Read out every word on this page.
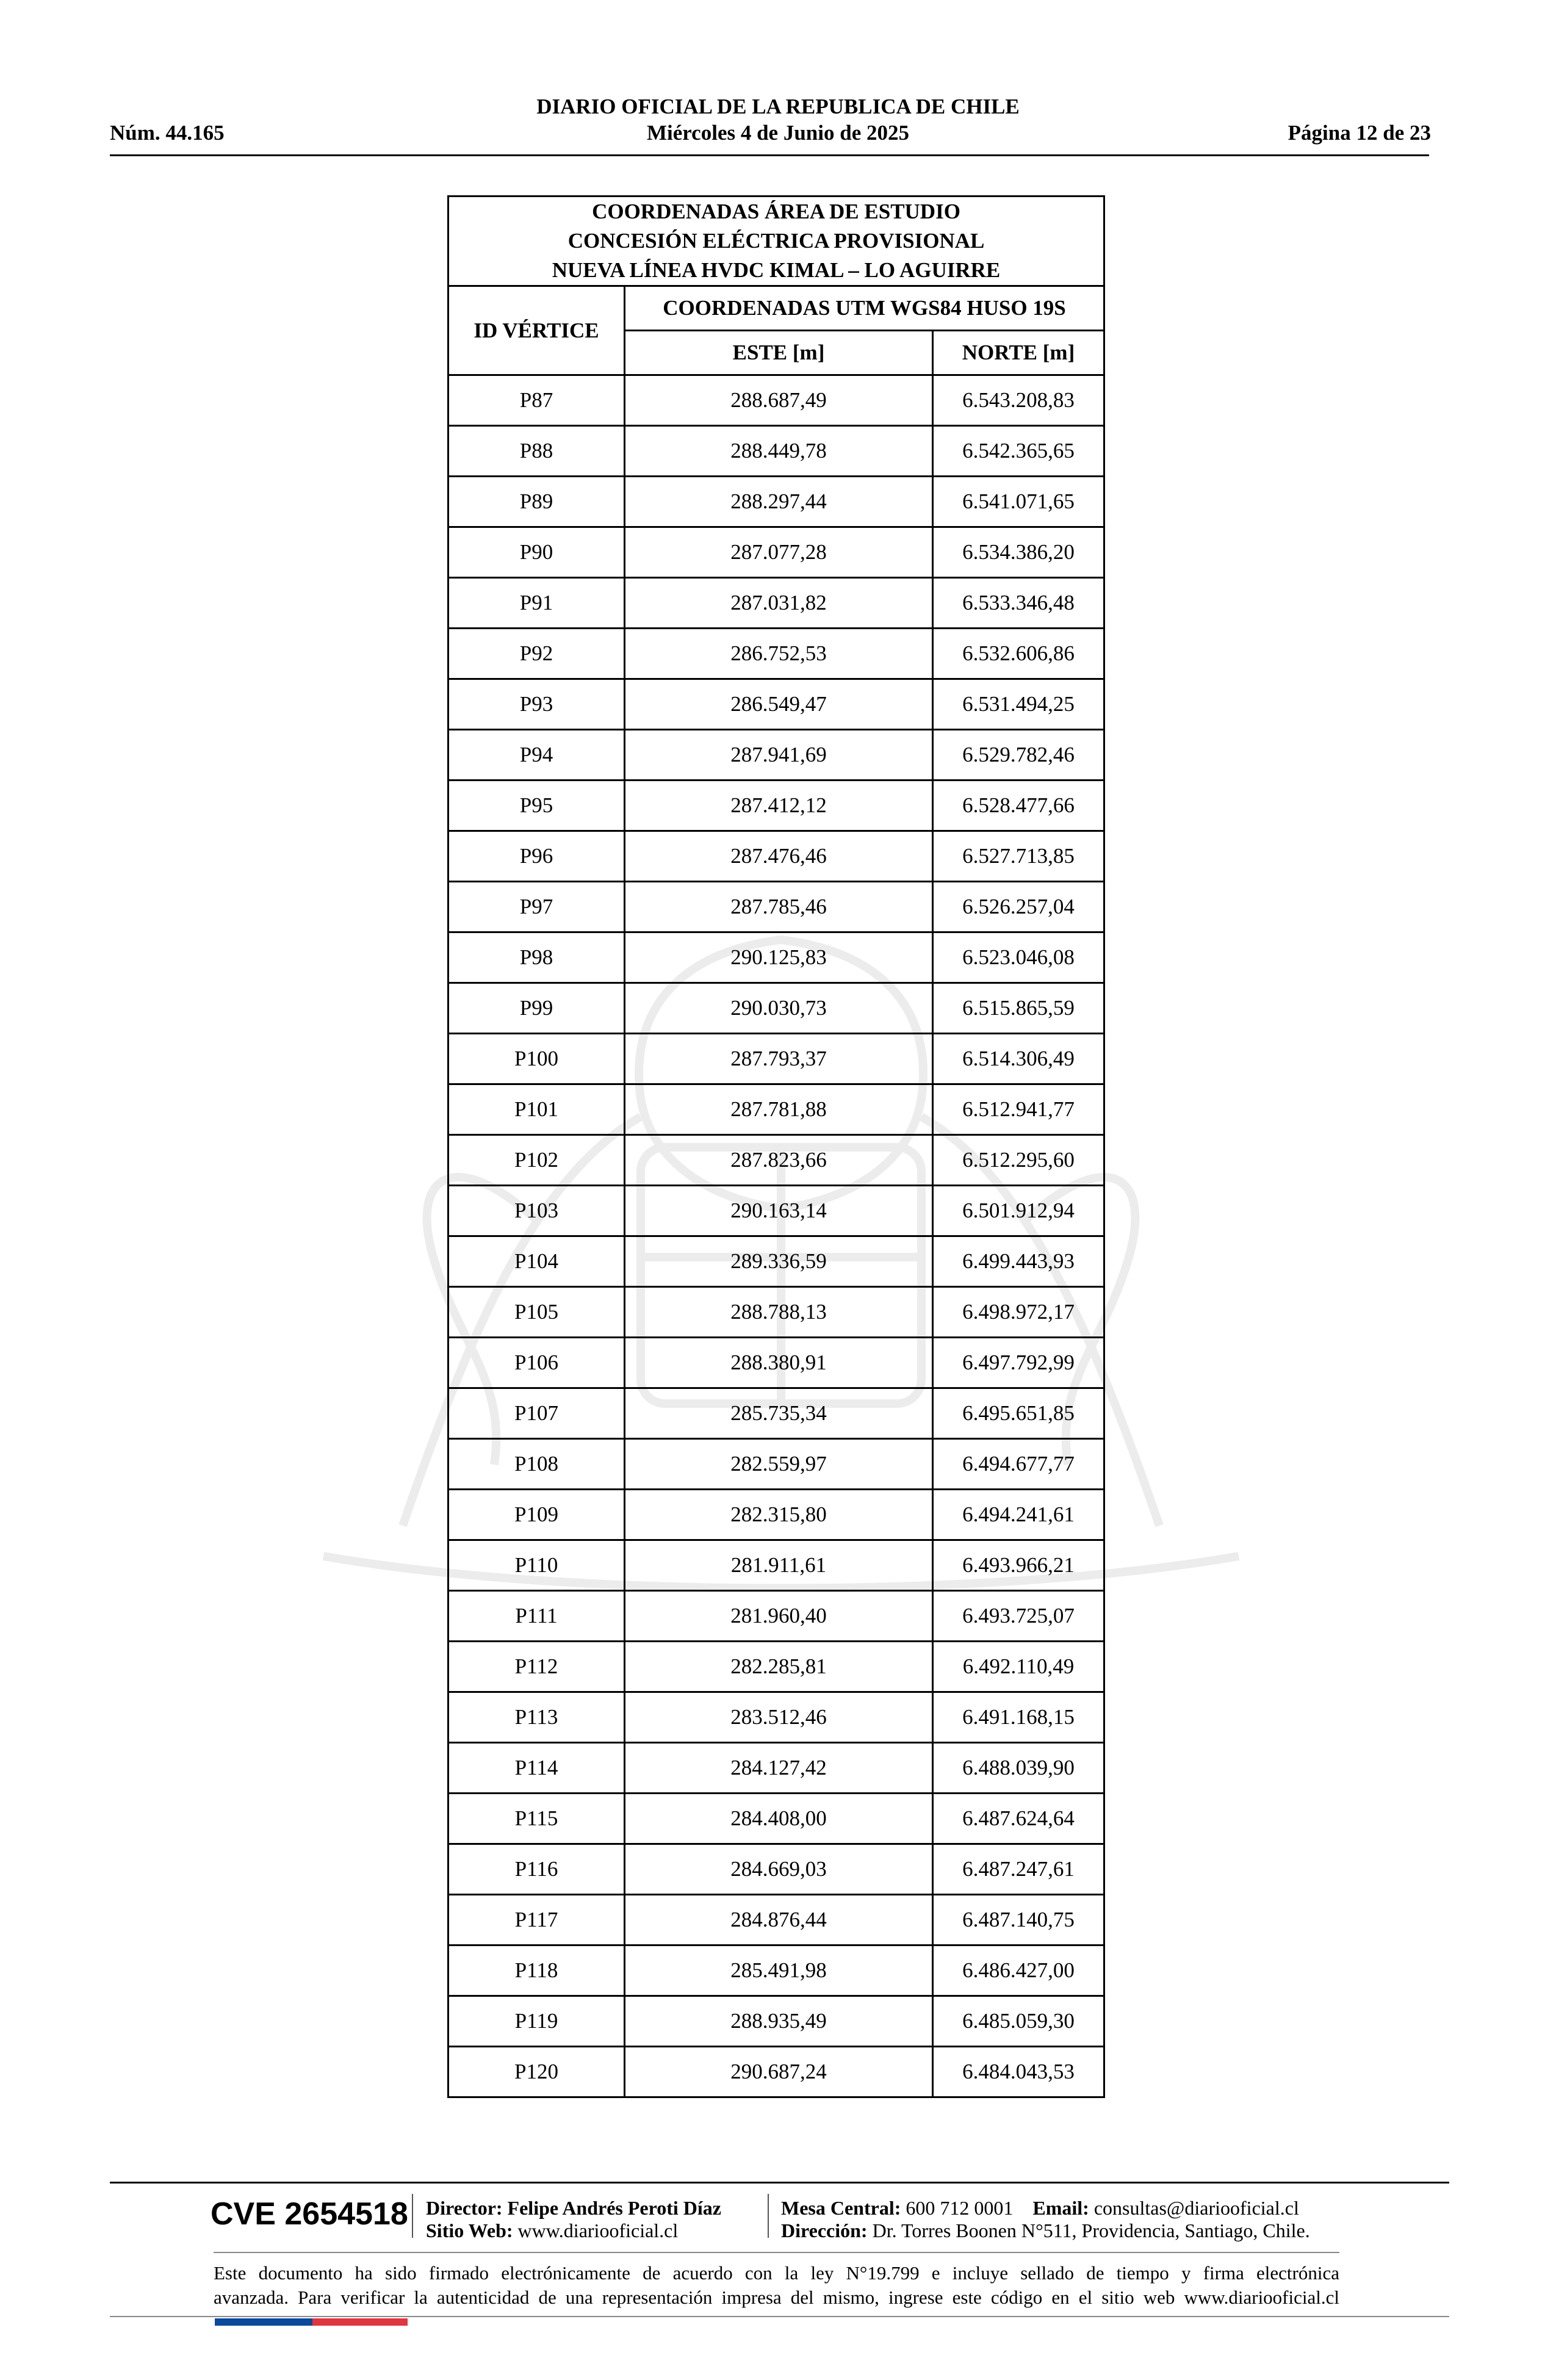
DIARIO OFICIAL DE LA REPUBLICA DE CHILE
Núm. 44.165	Miércoles 4 de Junio de 2025	Página 12 de 23
COORDENADAS ÁREA DE ESTUDIO
CONCESIÓN ELÉCTRICA PROVISIONAL
NUEVA LÍNEA HVDC KIMAL – LO AGUIRRE		

ID VÉRTICE	COORDENADAS UTM WGS84 HUSO 19S	
	ESTE [m]	NORTE [m]
P87	288.687,49	6.543.208,83
P88	288.449,78	6.542.365,65
P89	288.297,44	6.541.071,65
P90	287.077,28	6.534.386,20
P91	287.031,82	6.533.346,48
P92	286.752,53	6.532.606,86
P93	286.549,47	6.531.494,25
P94	287.941,69	6.529.782,46
P95	287.412,12	6.528.477,66
P96	287.476,46	6.527.713,85
P97	287.785,46	6.526.257,04
P98	290.125,83	6.523.046,08
P99	290.030,73	6.515.865,59
P100	287.793,37	6.514.306,49
P101	287.781,88	6.512.941,77
P102	287.823,66	6.512.295,60
P103	290.163,14	6.501.912,94
P104	289.336,59	6.499.443,93
P105	288.788,13	6.498.972,17
P106	288.380,91	6.497.792,99
P107	285.735,34	6.495.651,85
P108	282.559,97	6.494.677,77
P109	282.315,80	6.494.241,61
P110	281.911,61	6.493.966,21
P111	281.960,40	6.493.725,07
P112	282.285,81	6.492.110,49
P113	283.512,46	6.491.168,15
P114	284.127,42	6.488.039,90
P115	284.408,00	6.487.624,64
P116	284.669,03	6.487.247,61
P117	284.876,44	6.487.140,75
P118	285.491,98	6.486.427,00
P119	288.935,49	6.485.059,30
P120	290.687,24	6.484.043,53
CVE 2654518 Director: Felipe Andrés Peroti Díaz
Sitio Web: www.diariooficial.cl
Mesa Central: 600 712 0001 Email: consultas@diariooficial.cl
Dirección: Dr. Torres Boonen N°511, Providencia, Santiago, Chile.
Este documento ha sido firmado electrónicamente de acuerdo con la ley N°19.799 e incluye sellado de tiempo y firma electrónica
avanzada. Para verificar la autenticidad de una representación impresa del mismo, ingrese este código en el sitio web www.diariooficial.cl
